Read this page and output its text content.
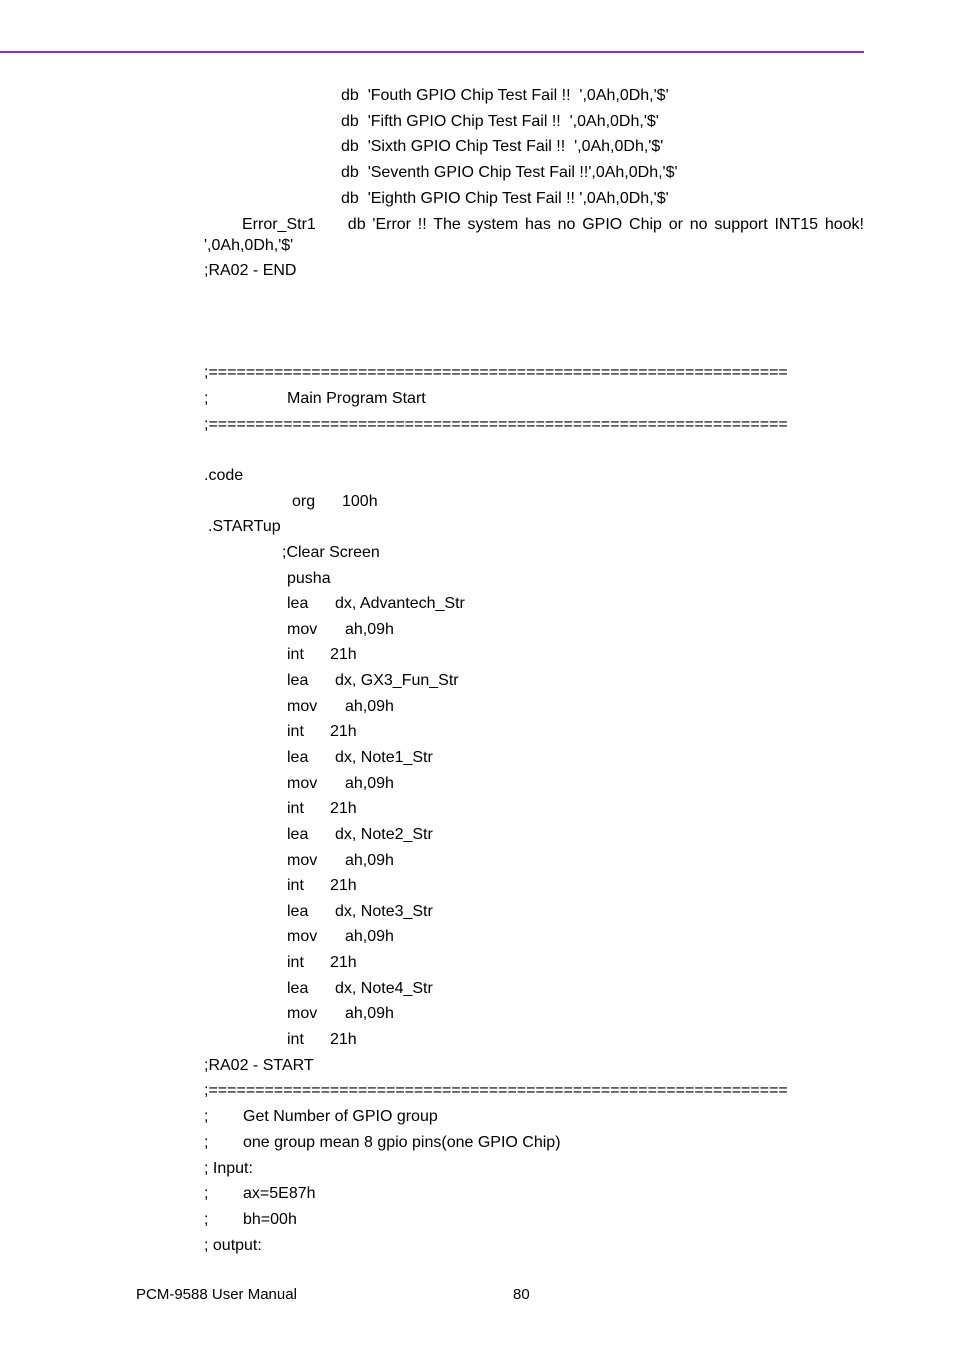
db  'Fouth GPIO Chip Test Fail !!  ',0Ah,0Dh,'$'
db  'Fifth GPIO Chip Test Fail !!  ',0Ah,0Dh,'$'
db  'Sixth GPIO Chip Test Fail !!  ',0Ah,0Dh,'$'
db  'Seventh GPIO Chip Test Fail !!',0Ah,0Dh,'$'
db  'Eighth GPIO Chip Test Fail !! ',0Ah,0Dh,'$'
Error_Str1 db 'Error !! The system has no GPIO Chip or no support INT15 hook! ',0Ah,0Dh,'$'
;RA02 - END
;==============================================================
;	Main Program Start
;==============================================================
.code
org 100h
.STARTup
;Clear Screen
pusha
lea dx, Advantech_Str
mov ah,09h
int 21h
lea dx, GX3_Fun_Str
mov ah,09h
int 21h
lea dx, Note1_Str
mov ah,09h
int 21h
lea dx, Note2_Str
mov ah,09h
int 21h
lea dx, Note3_Str
mov ah,09h
int 21h
lea dx, Note4_Str
mov ah,09h
int 21h
;RA02 - START
;==============================================================
; Get Number of GPIO group
; one group mean 8 gpio pins(one GPIO Chip)
; Input:
; ax=5E87h
; bh=00h
; output:
PCM-9588 User Manual	80
